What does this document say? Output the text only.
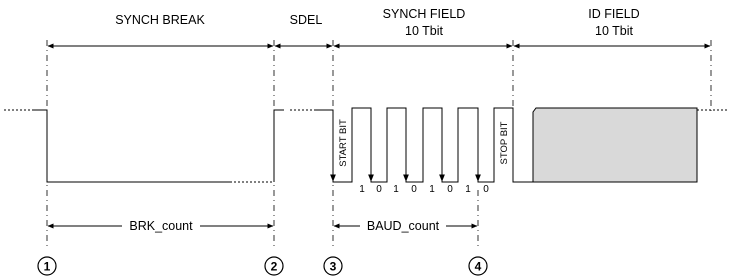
SYNCH BREAK	SDEL	SYNCH FIELD
10 Tbit
ID FIELD
10 Tbit
START BIT	STOP BIT
1 0 1 0 1 0 1 0
BRK_count	BAUD_count
1	2	3	4
